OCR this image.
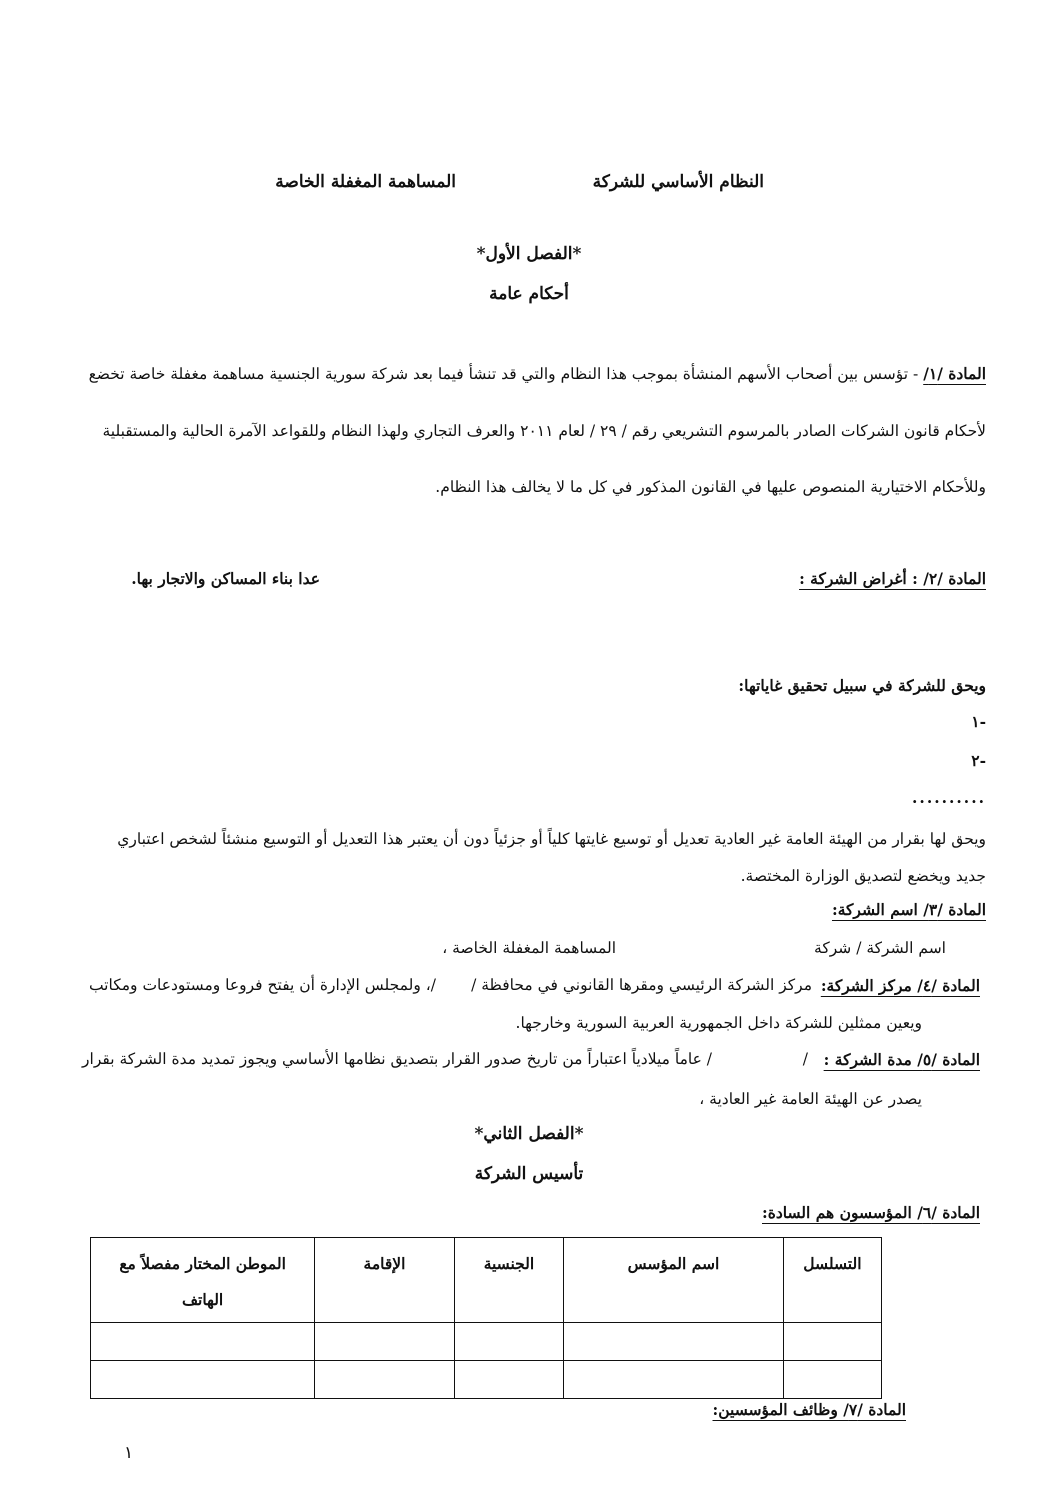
النظام الأساسي للشركة
المساهمة المغفلة الخاصة
*الفصل الأول*
أحكام عامة
المادة /١/ - تؤسس بين أصحاب الأسهم المنشأة بموجب هذا النظام والتي قد تنشأ فيما بعد شركة سورية الجنسية مساهمة مغفلة خاصة تخضع
لأحكام قانون الشركات الصادر بالمرسوم التشريعي رقم / ٢٩ / لعام ٢٠١١ والعرف التجاري ولهذا النظام وللقواعد الآمرة الحالية والمستقبلية
وللأحكام الاختيارية المنصوص عليها في القانون المذكور في كل ما لا يخالف هذا النظام.
المادة /٢/ : أغراض الشركة :
عدا بناء المساكن والاتجار بها.
ويحق للشركة في سبيل تحقيق غاياتها:
-١
-٢
..........
ويحق لها بقرار من الهيئة العامة غير العادية تعديل أو توسيع غايتها كلياً أو جزئياً دون أن يعتبر هذا التعديل أو التوسيع منشئاً لشخص اعتباري
جديد ويخضع لتصديق الوزارة المختصة.
المادة /٣/ اسم الشركة:
اسم الشركة / شركة
المساهمة المغفلة الخاصة ،
المادة /٤/ مركز الشركة:
مركز الشركة الرئيسي ومقرها القانوني في محافظة /
/، ولمجلس الإدارة أن يفتح فروعا ومستودعات ومكاتب
ويعين ممثلين للشركة داخل الجمهورية العربية السورية وخارجها.
المادة /٥/ مدة الشركة :
/
/ عاماً ميلادياً اعتباراً من تاريخ صدور القرار بتصديق نظامها الأساسي ويجوز تمديد مدة الشركة بقرار
يصدر عن الهيئة العامة غير العادية ،
*الفصل الثاني*
تأسيس الشركة
المادة /٦/ المؤسسون هم السادة:
التسلسل	اسم المؤسس	الجنسية	الإقامة	الموطن المختار مفصلاً مع الهاتف

المادة /٧/ وظائف المؤسسين:
١
